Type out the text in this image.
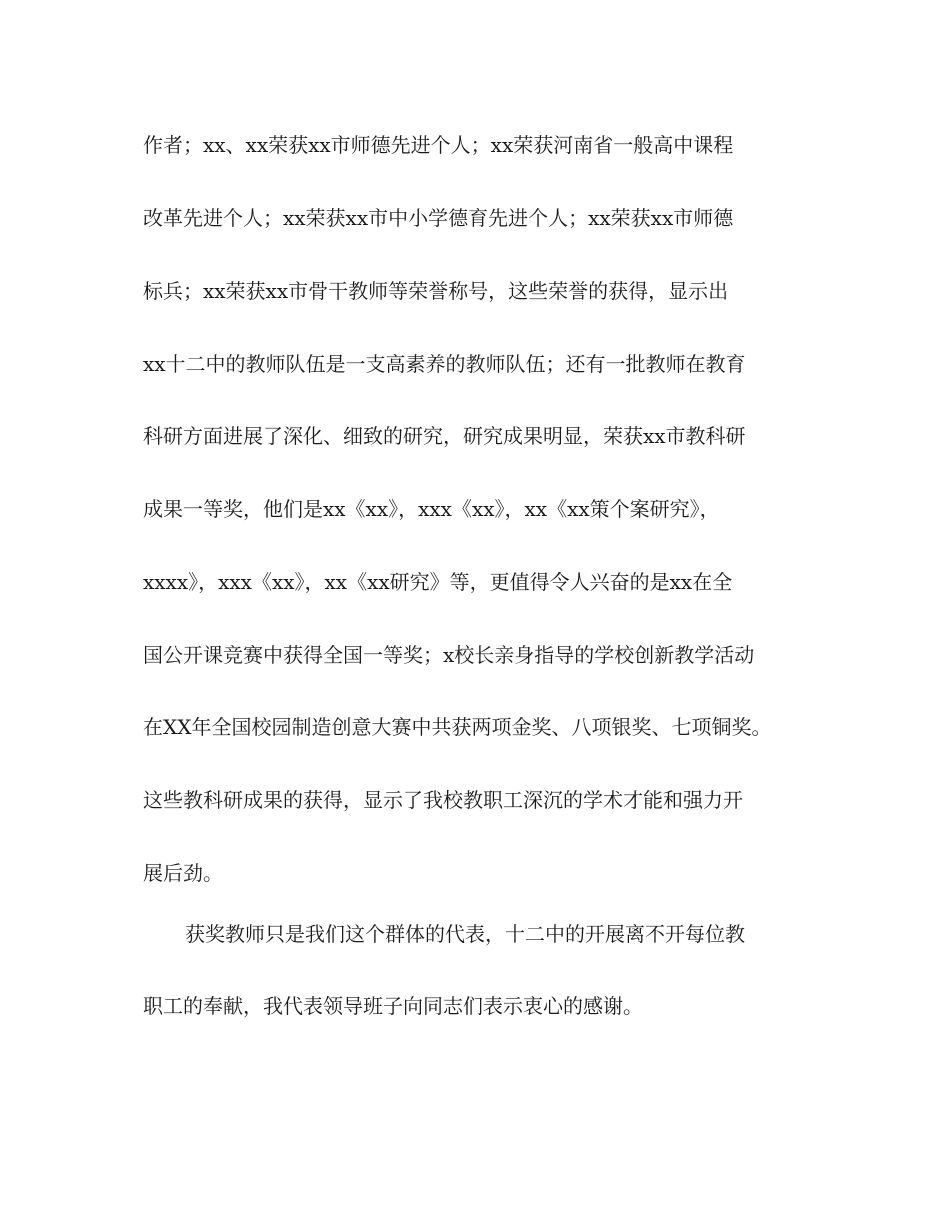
作者；xx、xx荣获xx市师德先进个人；xx荣获河南省一般高中课程

改革先进个人；xx荣获xx市中小学德育先进个人；xx荣获xx市师德

标兵；xx荣获xx市骨干教师等荣誉称号，这些荣誉的获得，显示出

xx十二中的教师队伍是一支高素养的教师队伍；还有一批教师在教育

科研方面进展了深化、细致的研究，研究成果明显，荣获xx市教科研

成果一等奖，他们是xx《xx》，xxx《xx》，xx《xx策个案研究》，

xxxx》，xxx《xx》，xx《xx研究》等，更值得令人兴奋的是xx在全

国公开课竞赛中获得全国一等奖；x校长亲身指导的学校创新教学活动

在XX年全国校园制造创意大赛中共获两项金奖、八项银奖、七项铜奖。

这些教科研成果的获得，显示了我校教职工深沉的学术才能和强力开

展后劲。

获奖教师只是我们这个群体的代表，十二中的开展离不开每位教

职工的奉献，我代表领导班子向同志们表示衷心的感谢。
